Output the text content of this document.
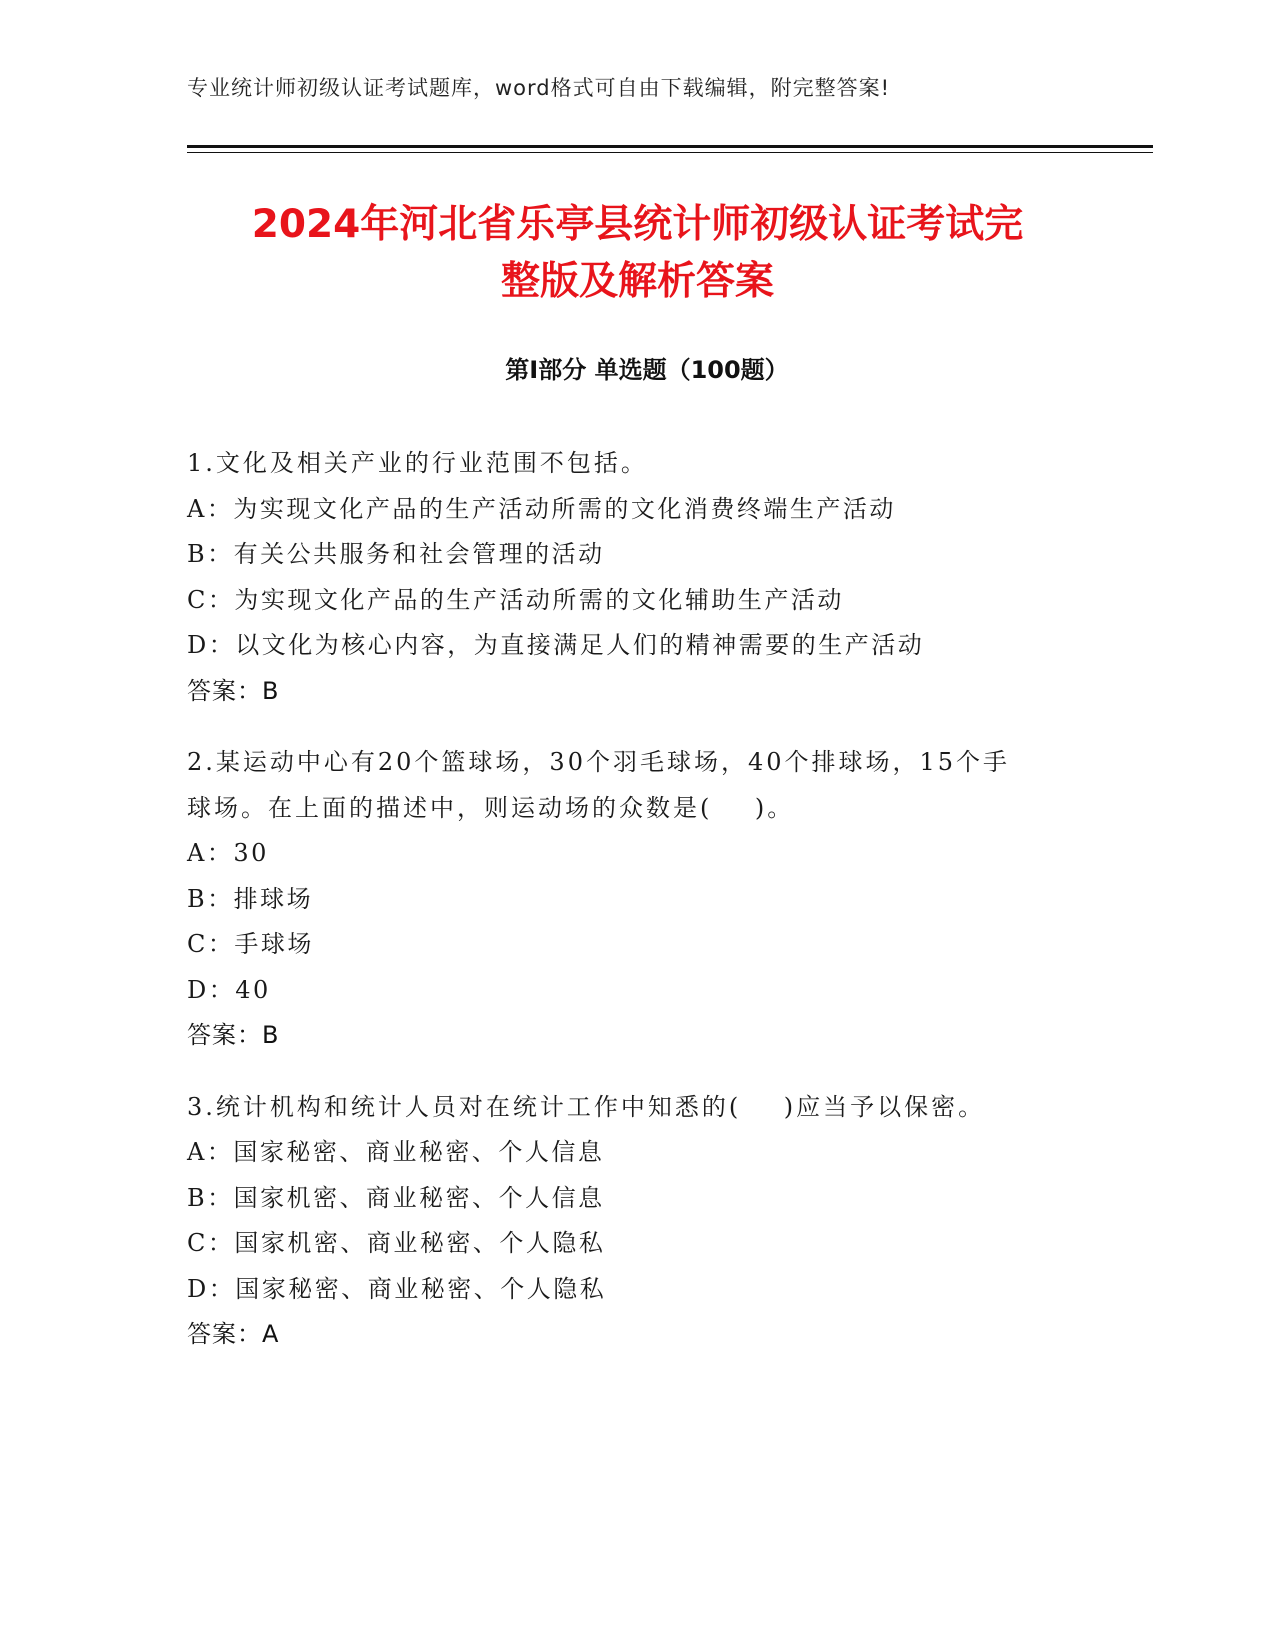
专业统计师初级认证考试题库，word格式可自由下载编辑，附完整答案!
2024年河北省乐亭县统计师初级认证考试完
整版及解析答案
第Ⅰ部分 单选题（100题）
1.文化及相关产业的行业范围不包括。
A：为实现文化产品的生产活动所需的文化消费终端生产活动
B：有关公共服务和社会管理的活动
C：为实现文化产品的生产活动所需的文化辅助生产活动
D：以文化为核心内容，为直接满足人们的精神需要的生产活动
答案：B
2.某运动中心有20个篮球场，30个羽毛球场，40个排球场，15个手
球场。在上面的描述中，则运动场的众数是(    )。
A：30
B：排球场
C：手球场
D：40
答案：B
3.统计机构和统计人员对在统计工作中知悉的(    )应当予以保密。
A：国家秘密、商业秘密、个人信息
B：国家机密、商业秘密、个人信息
C：国家机密、商业秘密、个人隐私
D：国家秘密、商业秘密、个人隐私
答案：A
